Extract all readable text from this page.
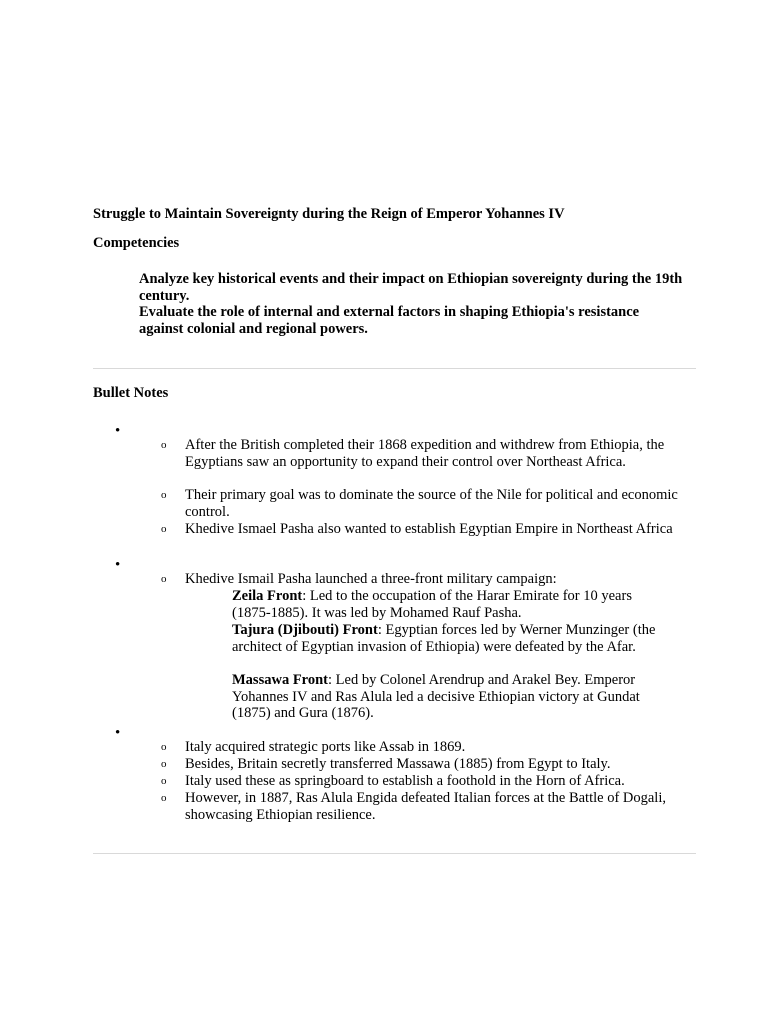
Struggle to Maintain Sovereignty during the Reign of Emperor Yohannes IV
Competencies

Analyze key historical events and their impact on Ethiopian sovereignty during the 19th century.

Evaluate the role of internal and external factors in shaping Ethiopia's resistance against colonial and regional powers.

Bullet Notes
•
o After the British completed their 1868 expedition and withdrew from Ethiopia, the Egyptians saw an opportunity to expand their control over Northeast Africa.
o Their primary goal was to dominate the source of the Nile for political and economic control.
o Khedive Ismael Pasha also wanted to establish Egyptian Empire in Northeast Africa
•
o Khedive Ismail Pasha launched a three-front military campaign:
Zeila Front: Led to the occupation of the Harar Emirate for 10 years (1875-1885). It was led by Mohamed Rauf Pasha.
Tajura (Djibouti) Front: Egyptian forces led by Werner Munzinger (the architect of Egyptian invasion of Ethiopia) were defeated by the Afar.
Massawa Front: Led by Colonel Arendrup and Arakel Bey. Emperor Yohannes IV and Ras Alula led a decisive Ethiopian victory at Gundat (1875) and Gura (1876).
•
o Italy acquired strategic ports like Assab in 1869.
o Besides, Britain secretly transferred Massawa (1885) from Egypt to Italy.
o Italy used these as springboard to establish a foothold in the Horn of Africa.
o However, in 1887, Ras Alula Engida defeated Italian forces at the Battle of Dogali, showcasing Ethiopian resilience.
